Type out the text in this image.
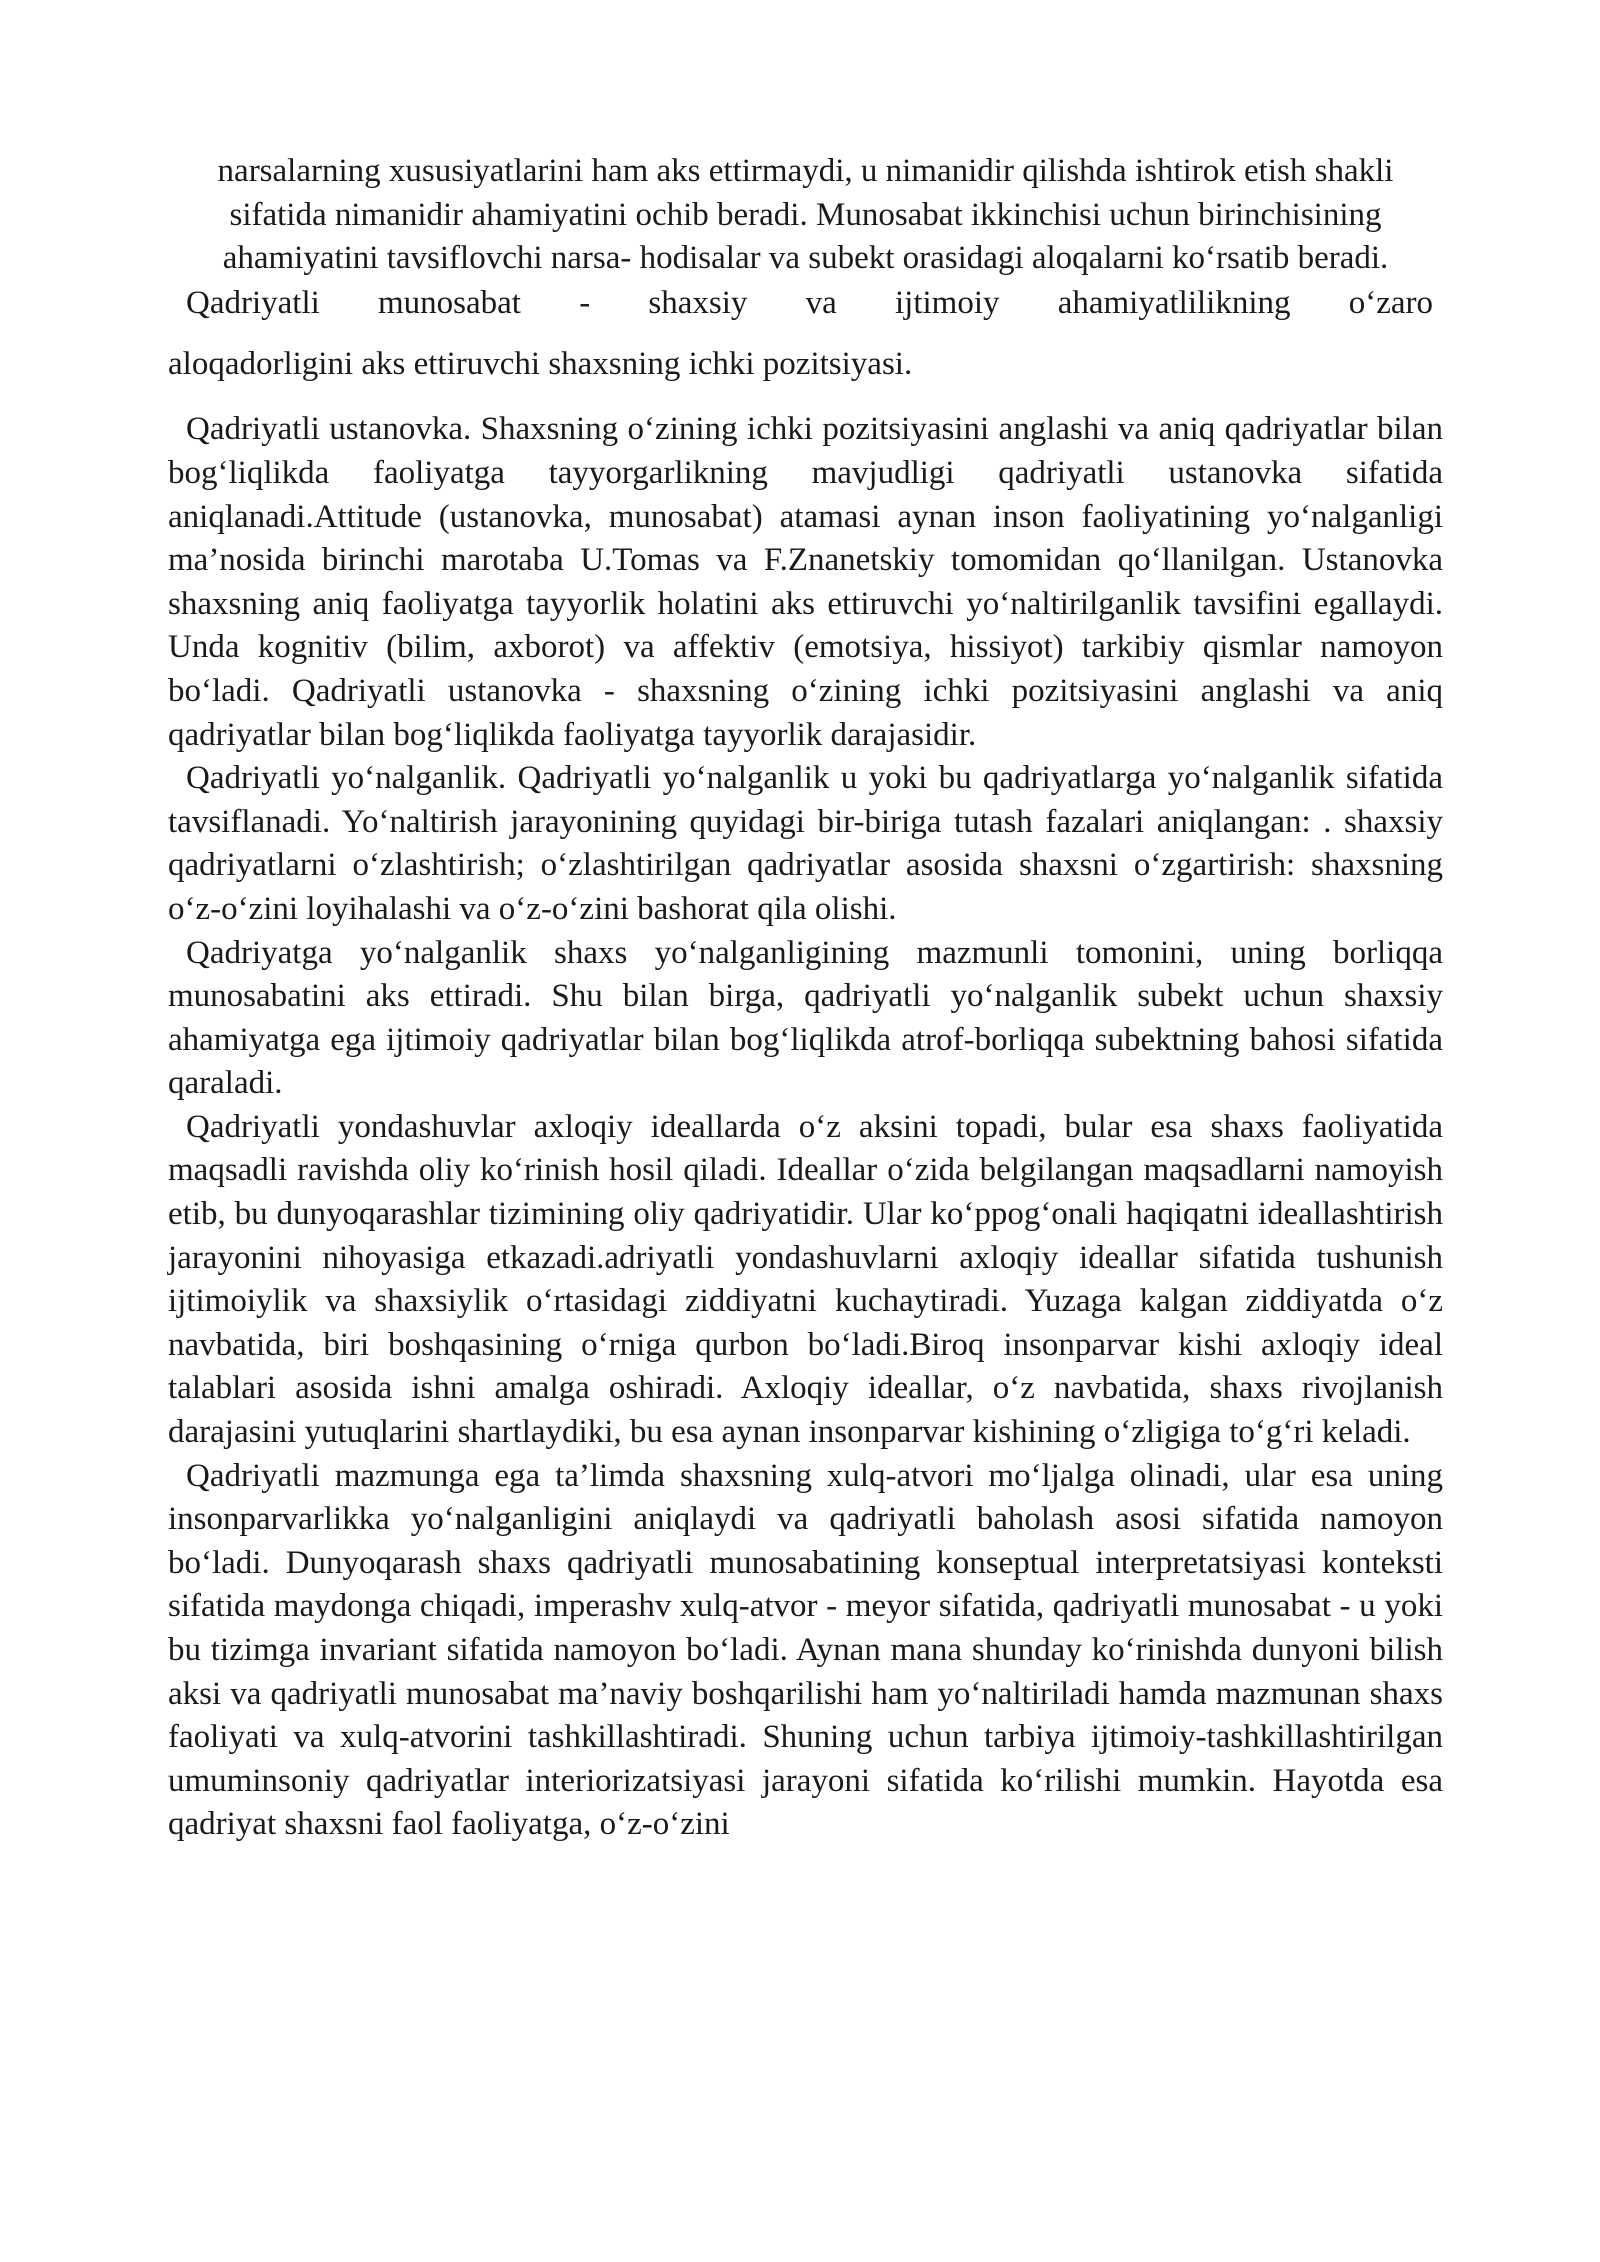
narsalarning xususiyatlarini ham aks ettirmaydi, u nimanidir qilishda ishtirok etish shakli sifatida nimanidir ahamiyatini ochib beradi. Munosabat ikkinchisi uchun birinchisining ahamiyatini tavsiflovchi narsa- hodisalar va subekt orasidagi aloqalarni ko‘rsatib beradi.

Qadriyatli munosabat - shaxsiy va ijtimoiy ahamiyatlilikning o‘zaro

aloqadorligini aks ettiruvchi shaxsning ichki pozitsiyasi.

Qadriyatli ustanovka. Shaxsning o‘zining ichki pozitsiyasini anglashi va aniq qadriyatlar bilan bog‘liqlikda faoliyatga tayyorgarlikning mavjudligi qadriyatli ustanovka sifatida aniqlanadi.Attitude (ustanovka, munosabat) atamasi aynan inson faoliyatining yo‘nalganligi ma’nosida birinchi marotaba U.Tomas va F.Znanetskiy tomomidan qo‘llanilgan. Ustanovka shaxsning aniq faoliyatga tayyorlik holatini aks ettiruvchi yo‘naltirilganlik tavsifini egallaydi. Unda kognitiv (bilim, axborot) va affektiv (emotsiya, hissiyot) tarkibiy qismlar namoyon bo‘ladi. Qadriyatli ustanovka - shaxsning o‘zining ichki pozitsiyasini anglashi va aniq qadriyatlar bilan bog‘liqlikda faoliyatga tayyorlik darajasidir.

Qadriyatli yo‘nalganlik. Qadriyatli yo‘nalganlik u yoki bu qadriyatlarga yo‘nalganlik sifatida tavsiflanadi. Yo‘naltirish jarayonining quyidagi bir-biriga tutash fazalari aniqlangan: . shaxsiy qadriyatlarni o‘zlashtirish; o‘zlashtirilgan qadriyatlar asosida shaxsni o‘zgartirish: shaxsning o‘z-o‘zini loyihalashi va o‘z-o‘zini bashorat qila olishi.

Qadriyatga yo‘nalganlik shaxs yo‘nalganligining mazmunli tomonini, uning borliqqa munosabatini aks ettiradi. Shu bilan birga, qadriyatli yo‘nalganlik subekt uchun shaxsiy ahamiyatga ega ijtimoiy qadriyatlar bilan bog‘liqlikda atrof-borliqqa subektning bahosi sifatida qaraladi.

Qadriyatli yondashuvlar axloqiy ideallarda o‘z aksini topadi, bular esa shaxs faoliyatida maqsadli ravishda oliy ko‘rinish hosil qiladi. Ideallar o‘zida belgilangan maqsadlarni namoyish etib, bu dunyoqarashlar tizimining oliy qadriyatidir. Ular ko‘ppog‘onali haqiqatni ideallashtirish jarayonini nihoyasiga etkazadi.adriyatli yondashuvlarni axloqiy ideallar sifatida tushunish ijtimoiylik va shaxsiylik o‘rtasidagi ziddiyatni kuchaytiradi. Yuzaga kalgan ziddiyatda o‘z navbatida, biri boshqasining o‘rniga qurbon bo‘ladi.Biroq insonparvar kishi axloqiy ideal talablari asosida ishni amalga oshiradi. Axloqiy ideallar, o‘z navbatida, shaxs rivojlanish darajasini yutuqlarini shartlaydiki, bu esa aynan insonparvar kishining o‘zligiga to‘g‘ri keladi.

Qadriyatli mazmunga ega ta’limda shaxsning xulq-atvori mo‘ljalga olinadi, ular esa uning insonparvarlikka yo‘nalganligini aniqlaydi va qadriyatli baholash asosi sifatida namoyon bo‘ladi. Dunyoqarash shaxs qadriyatli munosabatining konseptual interpretatsiyasi konteksti sifatida maydonga chiqadi, imperashv xulq-atvor - meyor sifatida, qadriyatli munosabat - u yoki bu tizimga invariant sifatida namoyon bo‘ladi. Aynan mana shunday ko‘rinishda dunyoni bilish aksi va qadriyatli munosabat ma’naviy boshqarilishi ham yo‘naltiriladi hamda mazmunan shaxs faoliyati va xulq-atvorini tashkillashtiradi. Shuning uchun tarbiya ijtimoiy-tashkillashtirilgan umuminsoniy qadriyatlar interiorizatsiyasi jarayoni sifatida ko‘rilishi mumkin. Hayotda esa qadriyat shaxsni faol faoliyatga, o‘z-o‘zini
